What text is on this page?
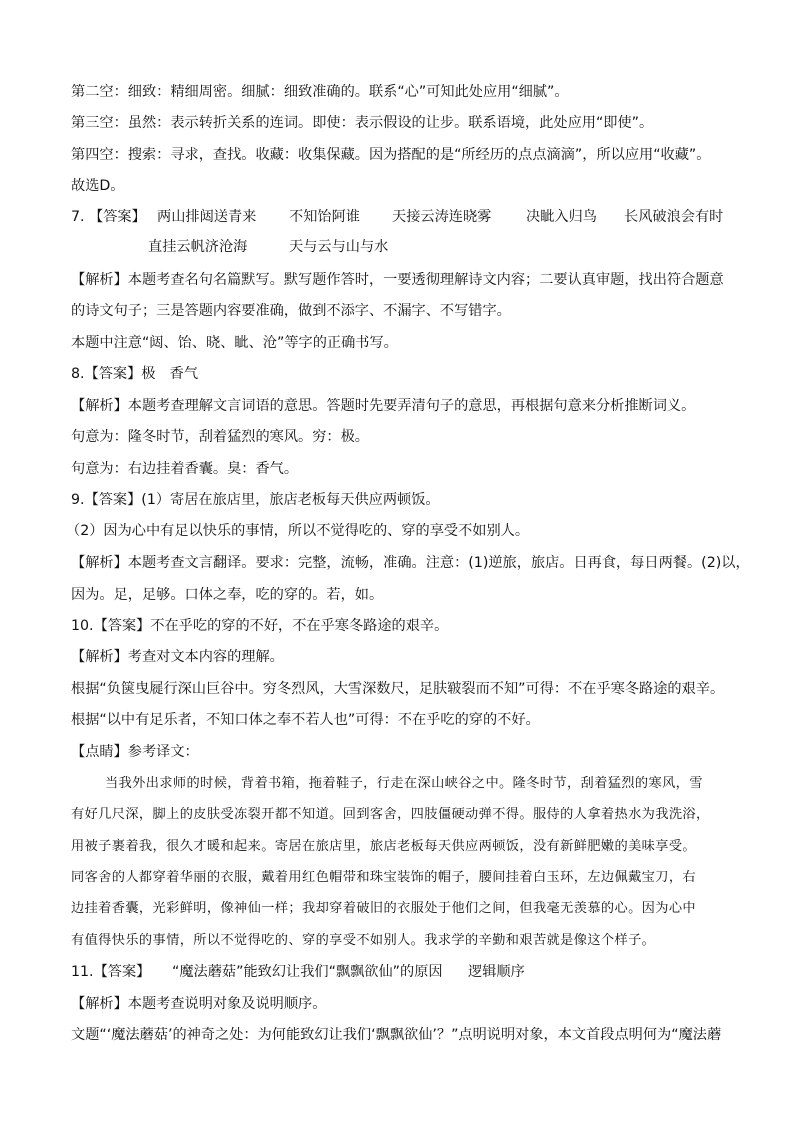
第二空：细致：精细周密。细腻：细致准确的。联系“心”可知此处应用“细腻”。
第三空：虽然：表示转折关系的连词。即使：表示假设的让步。联系语境，此处应用“即使”。
第四空：搜索：寻求，查找。收藏：收集保藏。因为搭配的是“所经历的点点滴滴”，所以应用“收藏”。
故选D。
7. 【答案】 两山排闼送青来 不知饴阿谁 天接云涛连晓雾 决眦入归鸟 长风破浪会有时
直挂云帆济沧海	天与云与山与水
【解析】本题考查名句名篇默写。默写题作答时，一要透彻理解诗文内容；二要认真审题，找出符合题意
的诗文句子；三是答题内容要准确，做到不添字、不漏字、不写错字。
本题中注意“闼、饴、晓、眦、沧”等字的正确书写。
8.【答案】极　香气
【解析】本题考查理解文言词语的意思。答题时先要弄清句子的意思，再根据句意来分析推断词义。
句意为：隆冬时节，刮着猛烈的寒风。穷：极。
句意为：右边挂着香囊。臭：香气。
9.【答案】(1）寄居在旅店里，旅店老板每天供应两顿饭。
（2）因为心中有足以快乐的事情，所以不觉得吃的、穿的享受不如别人。
【解析】本题考查文言翻译。要求：完整，流畅，准确。注意：(1)逆旅，旅店。日再食，每日两餐。(2)以，
因为。足，足够。口体之奉，吃的穿的。若，如。
10.【答案】不在乎吃的穿的不好，不在乎寒冬路途的艰辛。
【解析】考查对文本内容的理解。
根据“负箧曳屣行深山巨谷中。穷冬烈风，大雪深数尺，足肤皲裂而不知”可得：不在乎寒冬路途的艰辛。
根据“以中有足乐者，不知口体之奉不若人也”可得：不在乎吃的穿的不好。
【点睛】参考译文：
当我外出求师的时候，背着书箱，拖着鞋子，行走在深山峡谷之中。隆冬时节，刮着猛烈的寒风，雪
有好几尺深，脚上的皮肤受冻裂开都不知道。回到客舍，四肢僵硬动弹不得。服侍的人拿着热水为我洗浴，
用被子裹着我，很久才暖和起来。寄居在旅店里，旅店老板每天供应两顿饭，没有新鲜肥嫩的美味享受。
同客舍的人都穿着华丽的衣服，戴着用红色帽带和珠宝装饰的帽子，腰间挂着白玉环，左边佩戴宝刀，右
边挂着香囊，光彩鲜明，像神仙一样；我却穿着破旧的衣服处于他们之间，但我毫无羡慕的心。因为心中
有值得快乐的事情，所以不觉得吃的、穿的享受不如别人。我求学的辛勤和艰苦就是像这个样子。
11.【答案】 “魔法蘑菇”能致幻让我们“飘飘欲仙”的原因 逻辑顺序
【解析】本题考查说明对象及说明顺序。
文题“‘魔法蘑菇’的神奇之处：为何能致幻让我们‘飘飘欲仙’？”点明说明对象，本文首段点明何为“魔法蘑
